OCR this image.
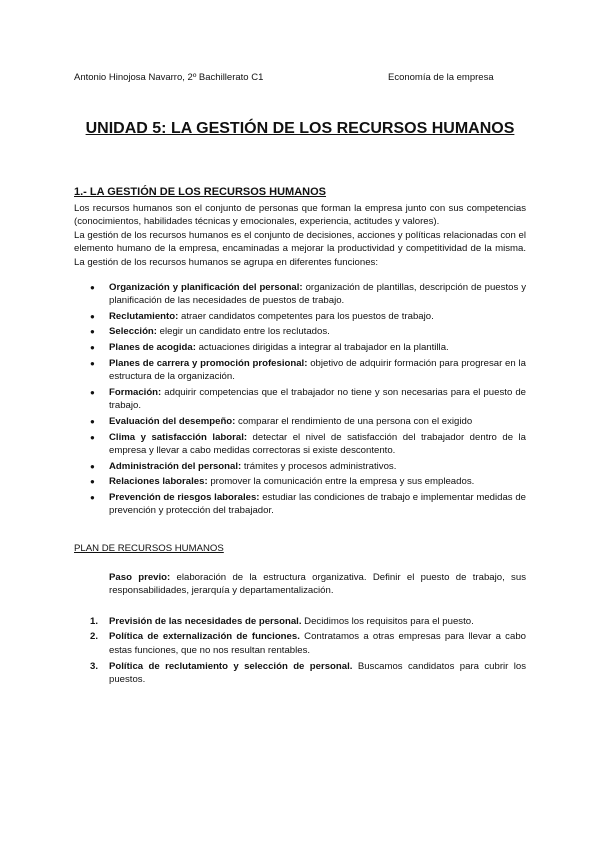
Antonio Hinojosa Navarro, 2º Bachillerato C1	Economía de la empresa
UNIDAD 5: LA GESTIÓN DE LOS RECURSOS HUMANOS
1.- LA GESTIÓN DE LOS RECURSOS HUMANOS

Los recursos humanos son el conjunto de personas que forman la empresa junto con sus competencias (conocimientos, habilidades técnicas y emocionales, experiencia, actitudes y valores).

La gestión de los recursos humanos es el conjunto de decisiones, acciones y políticas relacionadas con el elemento humano de la empresa, encaminadas a mejorar la productividad y competitividad de la misma. La gestión de los recursos humanos se agrupa en diferentes funciones:

● Organización y planificación del personal: organización de plantillas, descripción de puestos y planificación de las necesidades de puestos de trabajo.
● Reclutamiento: atraer candidatos competentes para los puestos de trabajo.
● Selección: elegir un candidato entre los reclutados.
● Planes de acogida: actuaciones dirigidas a integrar al trabajador en la plantilla.
● Planes de carrera y promoción profesional: objetivo de adquirir formación para progresar en la estructura de la organización.
● Formación: adquirir competencias que el trabajador no tiene y son necesarias para el puesto de trabajo.
● Evaluación del desempeño: comparar el rendimiento de una persona con el exigido
● Clima y satisfacción laboral: detectar el nivel de satisfacción del trabajador dentro de la empresa y llevar a cabo medidas correctoras si existe descontento.
● Administración del personal: trámites y procesos administrativos.
● Relaciones laborales: promover la comunicación entre la empresa y sus empleados.
● Prevención de riesgos laborales: estudiar las condiciones de trabajo e implementar medidas de prevención y protección del trabajador.
PLAN DE RECURSOS HUMANOS

Paso previo: elaboración de la estructura organizativa. Definir el puesto de trabajo, sus responsabilidades, jerarquía y departamentalización.

1. Previsión de las necesidades de personal. Decidimos los requisitos para el puesto.
2. Política de externalización de funciones. Contratamos a otras empresas para llevar a cabo estas funciones, que no nos resultan rentables.
3. Política de reclutamiento y selección de personal. Buscamos candidatos para cubrir los puestos.
